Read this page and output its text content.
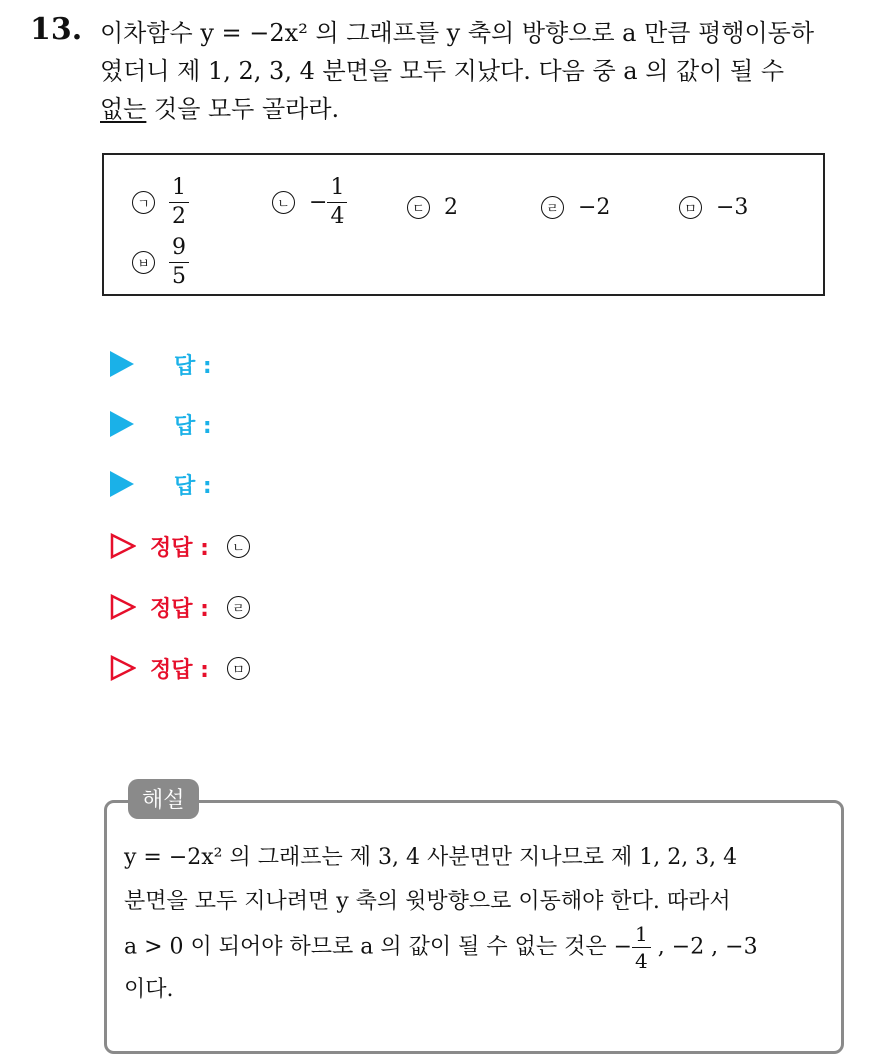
13. 이차함수 y = −2x² 의 그래프를 y 축의 방향으로 a 만큼 평행이동하
였더니 제 1, 2, 3, 4 분면을 모두 지났다. 다음 중 a 의 값이 될 수
없는 것을 모두 골라라.
ㄱ $\frac{1}{2}$	ㄴ − $\frac{1}{4}$	ㄷ 2	ㄹ −2	ㅁ −3
ㅂ $\frac{9}{5}$
답 :
답 :
답 :
정답 :	ㄴ
정답 :	ㄹ
정답 :	ㅁ
해설
y = −2x² 의 그래프는 제 3, 4 사분면만 지나므로 제 1, 2, 3, 4
분면을 모두 지나려면 y 축의 윗방향으로 이동해야 한다. 따라서
a > 0 이 되어야 하므로 a 의 값이 될 수 없는 것은 − $\frac{1}{4}$ , −2 , −3
이다.
